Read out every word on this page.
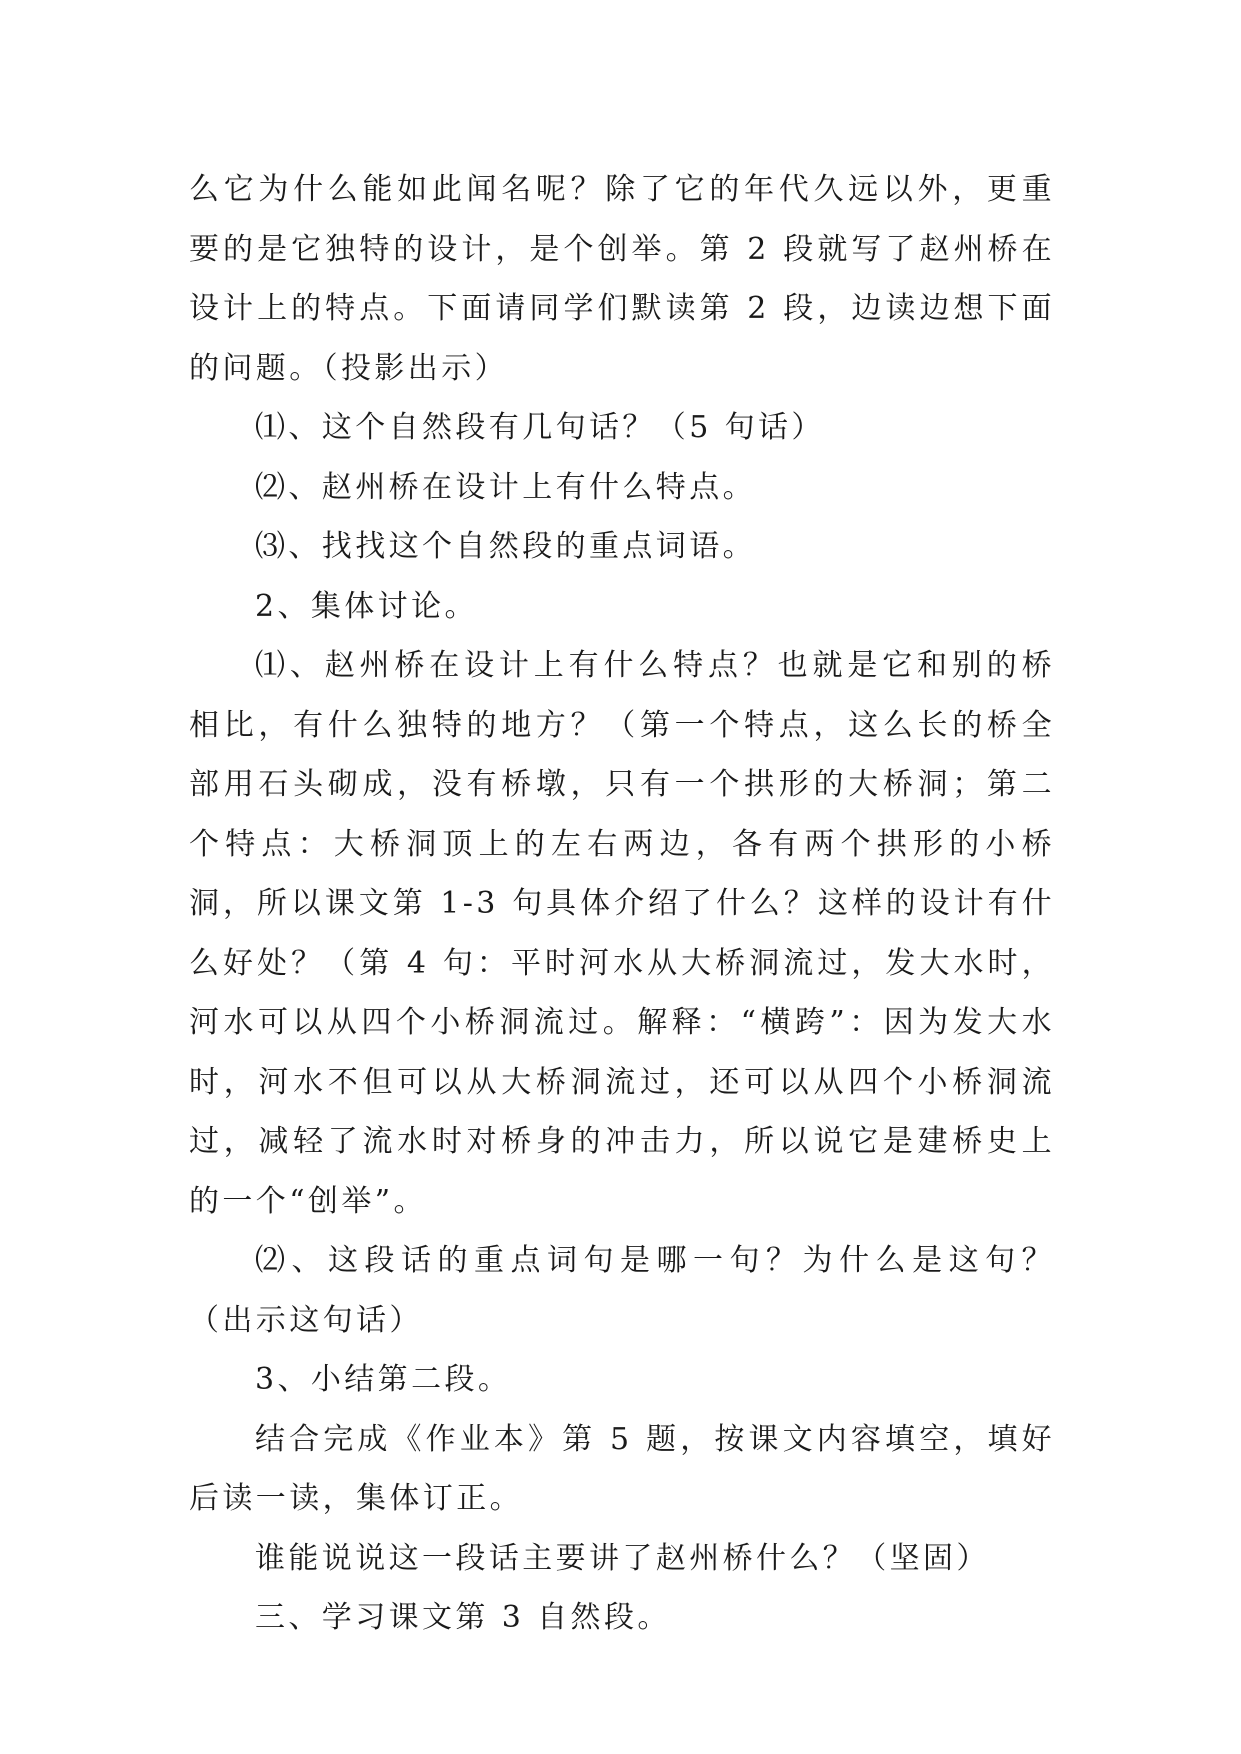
么它为什么能如此闻名呢？除了它的年代久远以外，更重要的是它独特的设计，是个创举。第 2 段就写了赵州桥在设计上的特点。下面请同学们默读第 2 段，边读边想下面的问题。（投影出示）

⑴、这个自然段有几句话？（5 句话）

⑵、赵州桥在设计上有什么特点。

⑶、找找这个自然段的重点词语。

2、集体讨论。

⑴、赵州桥在设计上有什么特点？也就是它和别的桥相比，有什么独特的地方？（第一个特点，这么长的桥全部用石头砌成，没有桥墩，只有一个拱形的大桥洞；第二个特点：大桥洞顶上的左右两边，各有两个拱形的小桥洞，所以课文第 1-3 句具体介绍了什么？这样的设计有什么好处？（第 4 句：平时河水从大桥洞流过，发大水时，河水可以从四个小桥洞流过。解释：“横跨”：因为发大水时，河水不但可以从大桥洞流过，还可以从四个小桥洞流过，减轻了流水时对桥身的冲击力，所以说它是建桥史上的一个“创举”。

⑵、这段话的重点词句是哪一句？为什么是这句？（出示这句话）

3、小结第二段。

结合完成《作业本》第 5 题，按课文内容填空，填好后读一读，集体订正。

谁能说说这一段话主要讲了赵州桥什么？（坚固）

三、学习课文第 3 自然段。
